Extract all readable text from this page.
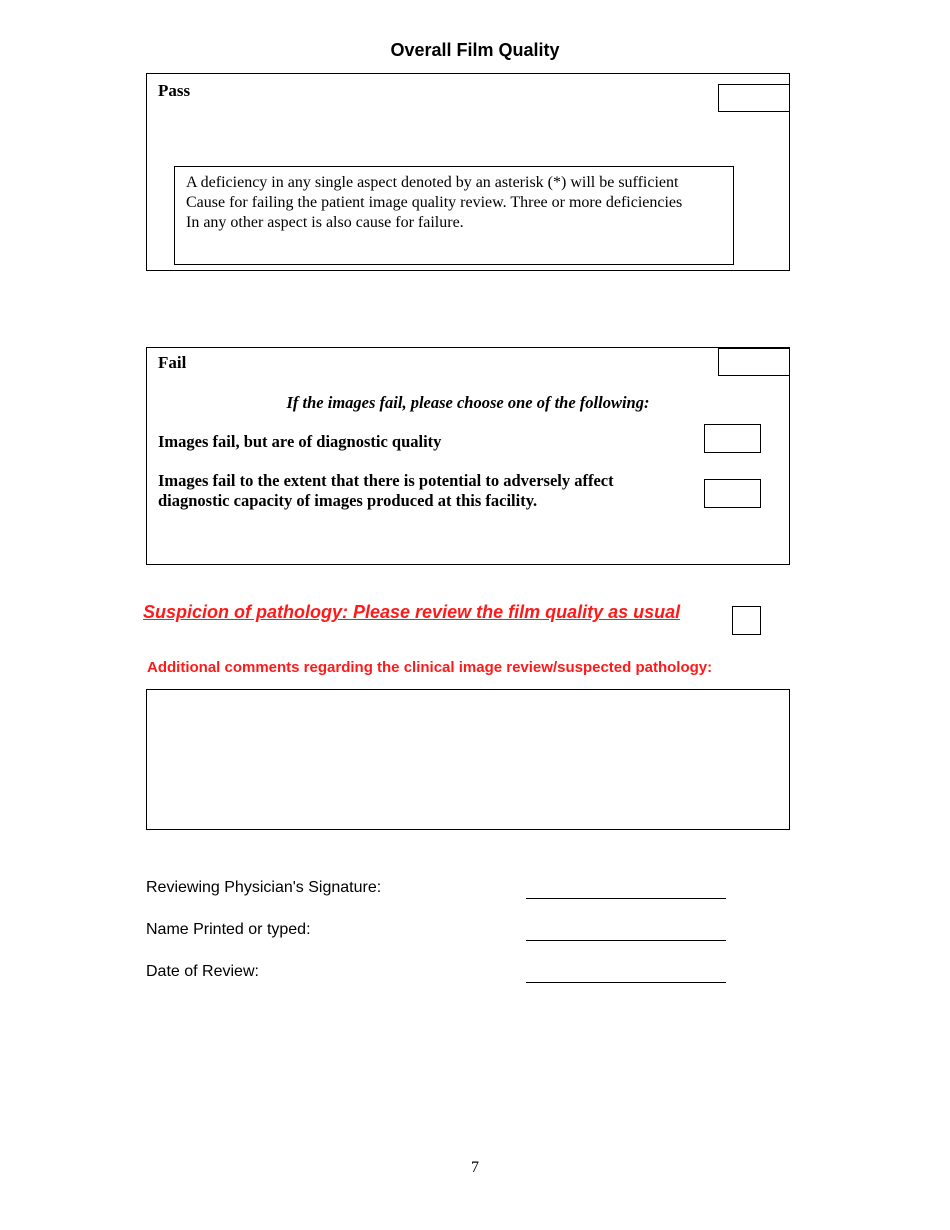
Overall Film Quality
Pass
A deficiency in any single aspect denoted by an asterisk (*) will be sufficient
Cause for failing the patient image quality review. Three or more deficiencies
In any other aspect is also cause for failure.
Fail
If the images fail, please choose one of the following:
Images fail, but are of diagnostic quality
Images fail to the extent that there is potential to adversely affect
diagnostic capacity of images produced at this facility.
Suspicion of pathology: Please review the film quality as usual
Additional comments regarding the clinical image review/suspected pathology:
Reviewing Physician's Signature:
Name Printed or typed:
Date of Review:
7
